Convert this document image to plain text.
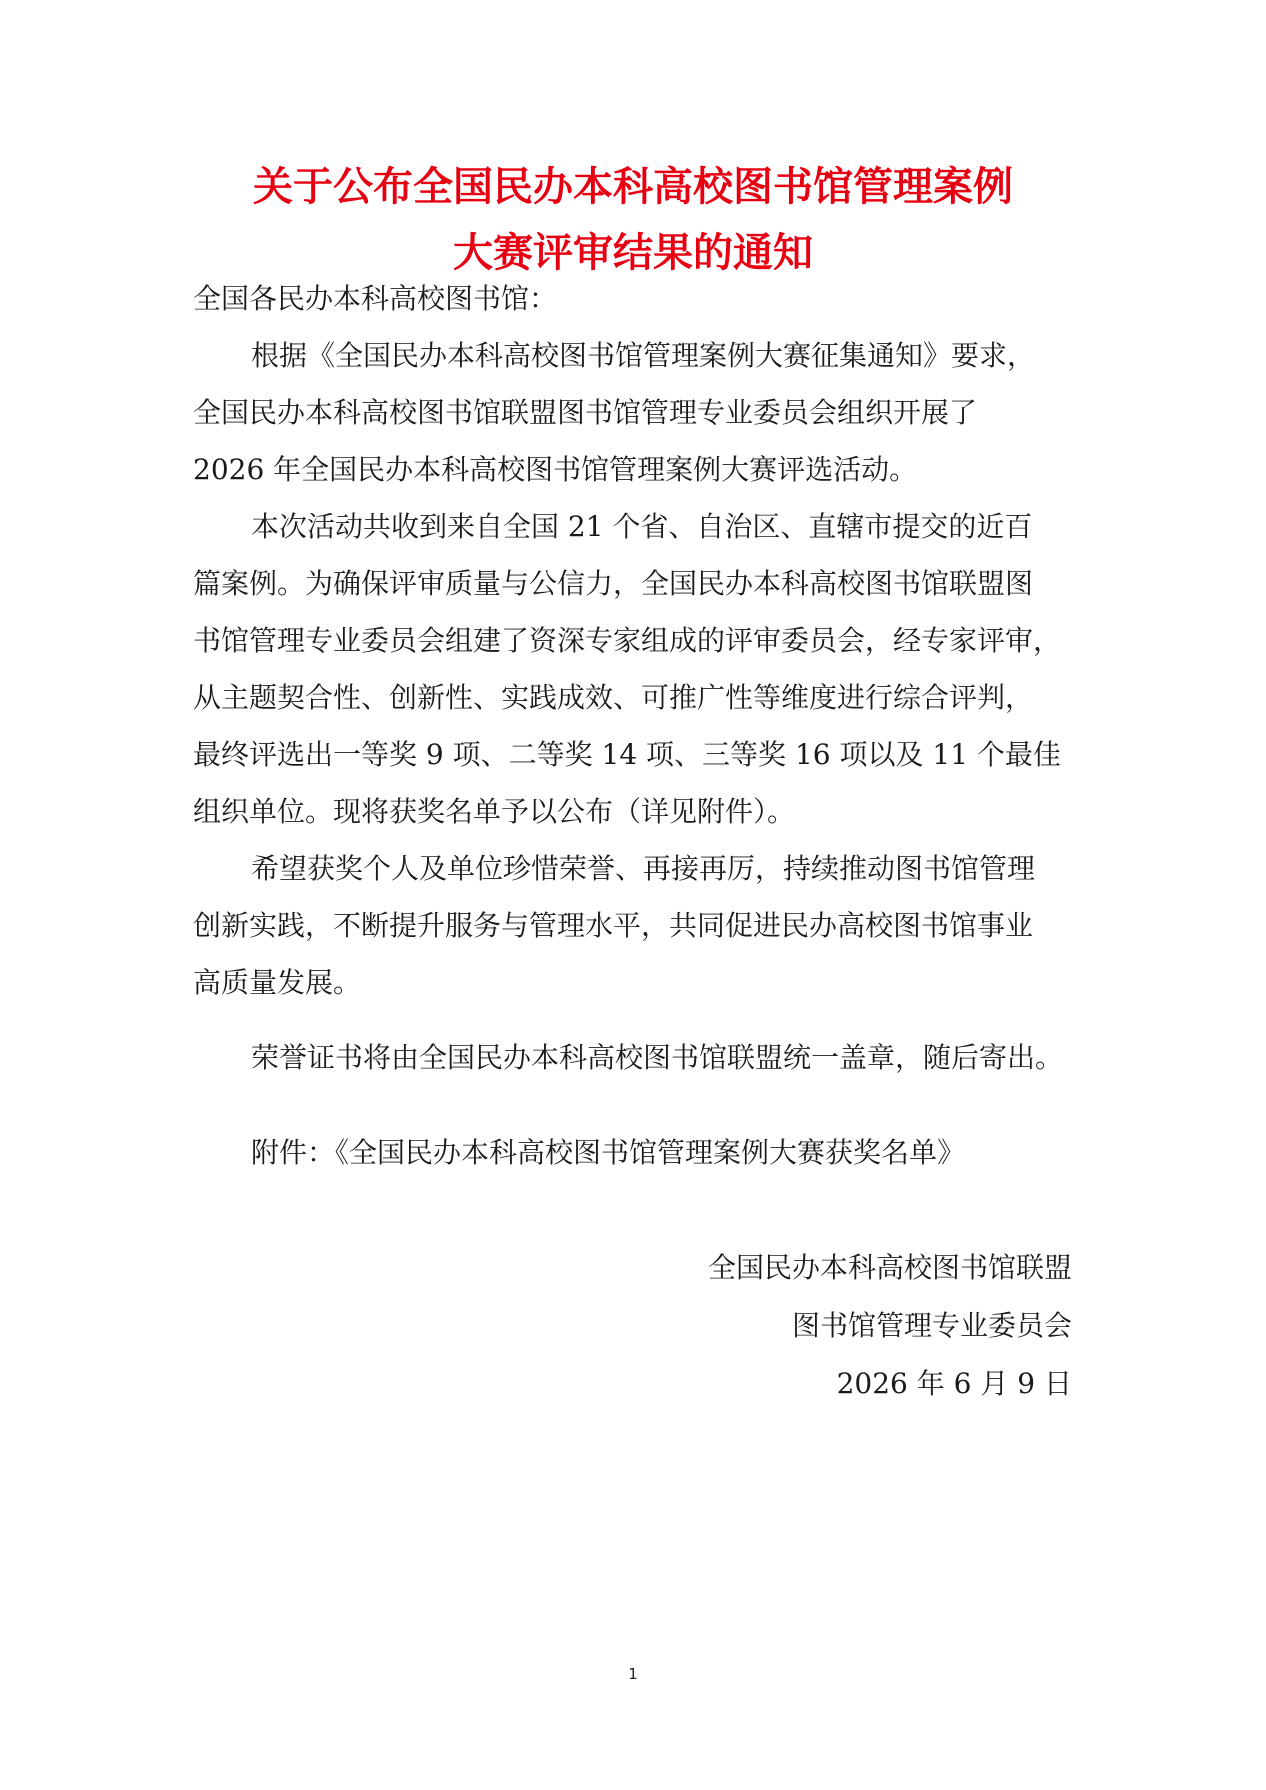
关于公布全国民办本科高校图书馆管理案例
大赛评审结果的通知
全国各民办本科高校图书馆：
根据《全国民办本科高校图书馆管理案例大赛征集通知》要求，
全国民办本科高校图书馆联盟图书馆管理专业委员会组织开展了
2026 年全国民办本科高校图书馆管理案例大赛评选活动。
本次活动共收到来自全国 21 个省、自治区、直辖市提交的近百
篇案例。为确保评审质量与公信力，全国民办本科高校图书馆联盟图
书馆管理专业委员会组建了资深专家组成的评审委员会，经专家评审，
从主题契合性、创新性、实践成效、可推广性等维度进行综合评判，
最终评选出一等奖 9 项、二等奖 14 项、三等奖 16 项以及 11 个最佳
组织单位。现将获奖名单予以公布（详见附件）。
希望获奖个人及单位珍惜荣誉、再接再厉，持续推动图书馆管理
创新实践，不断提升服务与管理水平，共同促进民办高校图书馆事业
高质量发展。
荣誉证书将由全国民办本科高校图书馆联盟统一盖章，随后寄出。
附件：《全国民办本科高校图书馆管理案例大赛获奖名单》
全国民办本科高校图书馆联盟
图书馆管理专业委员会
2026 年 6 月 9 日
1
